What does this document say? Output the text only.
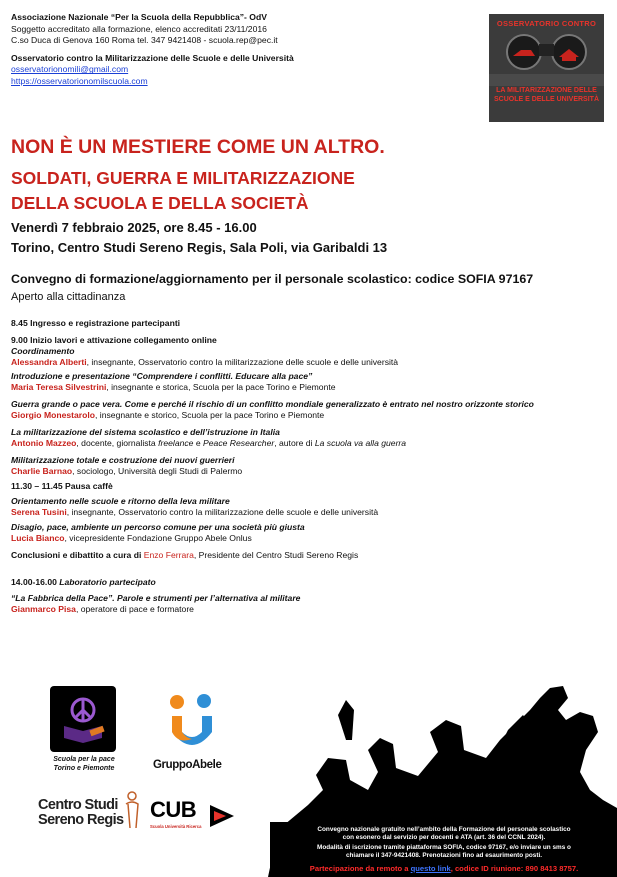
Associazione Nazionale “Per la Scuola della Repubblica”- OdV
Soggetto accreditato alla formazione, elenco accreditati 23/11/2016
C.so Duca di Genova 160 Roma tel. 347 9421408 - scuola.rep@pec.it
Osservatorio contro la Militarizzazione delle Scuole e delle Università
osservatorionomili@gmail.com
https://osservatorionomilscuola.com
OSSERVATORIO CONTRO
LA MILITARIZZAZIONE DELLE SCUOLE E DELLE UNIVERSITÀ
NON È UN MESTIERE COME UN ALTRO.
SOLDATI, GUERRA E MILITARIZZAZIONE
DELLA SCUOLA E DELLA SOCIETÀ
Venerdì 7 febbraio 2025, ore 8.45 - 16.00
Torino, Centro Studi Sereno Regis, Sala Poli, via Garibaldi 13
Convegno di formazione/aggiornamento per il personale scolastico: codice SOFIA 97167
Aperto alla cittadinanza
8.45 Ingresso e registrazione partecipanti
9.00 Inizio lavori e attivazione collegamento online
Coordinamento
Alessandra Alberti, insegnante, Osservatorio contro la militarizzazione delle scuole e delle università
Introduzione e presentazione “Comprendere i conflitti. Educare alla pace”
Maria Teresa Silvestrini, insegnante e storica, Scuola per la pace Torino e Piemonte
Guerra grande o pace vera. Come e perché il rischio di un conflitto mondiale generalizzato è entrato nel nostro orizzonte storico
Giorgio Monestarolo, insegnante e storico, Scuola per la pace Torino e Piemonte
La militarizzazione del sistema scolastico e dell’istruzione in Italia
Antonio Mazzeo, docente, giornalista freelance e Peace Researcher, autore di La scuola va alla guerra
Militarizzazione totale e costruzione dei nuovi guerrieri
Charlie Barnao, sociologo, Università degli Studi di Palermo
11.30 – 11.45 Pausa caffè
Orientamento nelle scuole e ritorno della leva militare
Serena Tusini, insegnante, Osservatorio contro la militarizzazione delle scuole e delle università
Disagio, pace, ambiente un percorso comune per una società più giusta
Lucia Bianco, vicepresidente Fondazione Gruppo Abele Onlus
Conclusioni e dibattito a cura di Enzo Ferrara, Presidente del Centro Studi Sereno Regis
14.00-16.00 Laboratorio partecipato
“La Fabbrica della Pace”. Parole e strumenti per l’alternativa al militare
Gianmarco Pisa, operatore di pace e formatore
Convegno nazionale gratuito nell’ambito della Formazione del personale scolastico
con esonero dal servizio per docenti e ATA (art. 36 del CCNL 2024).
Modalità di iscrizione tramite piattaforma SOFIA, codice 97167, e/o inviare un sms o
chiamare il 347-9421408. Prenotazioni fino ad esaurimento posti.
Partecipazione da remoto a questo link, codice ID riunione: 890 8413 8757.
Scuola per la pace
Torino e Piemonte	GruppoAbele
Centro Studi
Sereno Regis CUB
Scuola Università Ricerca
